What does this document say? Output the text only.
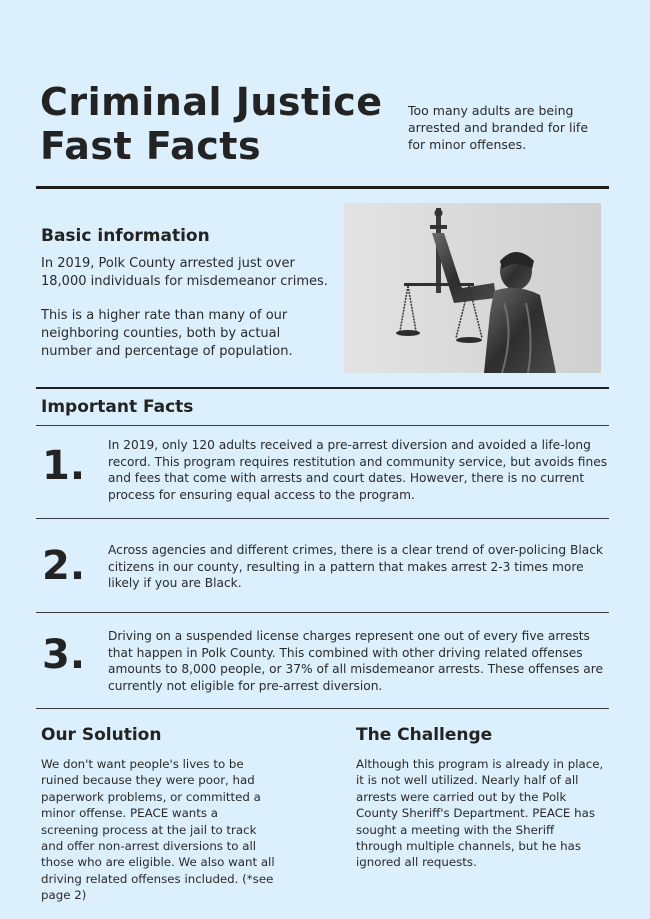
Criminal Justice
Fast Facts
Too many adults are being arrested and branded for life for minor offenses.
Basic information
In 2019, Polk County arrested just over 18,000 individuals for misdemeanor crimes.
This is a higher rate than many of our neighboring counties, both by actual number and percentage of population.
Important Facts
1. In 2019, only 120 adults received a pre-arrest diversion and avoided a life-long record. This program requires restitution and community service, but avoids fines and fees that come with arrests and court dates. However, there is no current process for ensuring equal access to the program.
2. Across agencies and different crimes, there is a clear trend of over-policing Black citizens in our county, resulting in a pattern that makes arrest 2-3 times more likely if you are Black.
3. Driving on a suspended license charges represent one out of every five arrests that happen in Polk County. This combined with other driving related offenses amounts to 8,000 people, or 37% of all misdemeanor arrests. These offenses are currently not eligible for pre-arrest diversion.
Our Solution
We don't want people's lives to be ruined because they were poor, had paperwork problems, or committed a minor offense. PEACE wants a screening process at the jail to track and offer non-arrest diversions to all those who are eligible. We also want all driving related offenses included. (*see page 2)
The Challenge
Although this program is already in place, it is not well utilized. Nearly half of all arrests were carried out by the Polk County Sheriff's Department. PEACE has sought a meeting with the Sheriff through multiple channels, but he has ignored all requests.
